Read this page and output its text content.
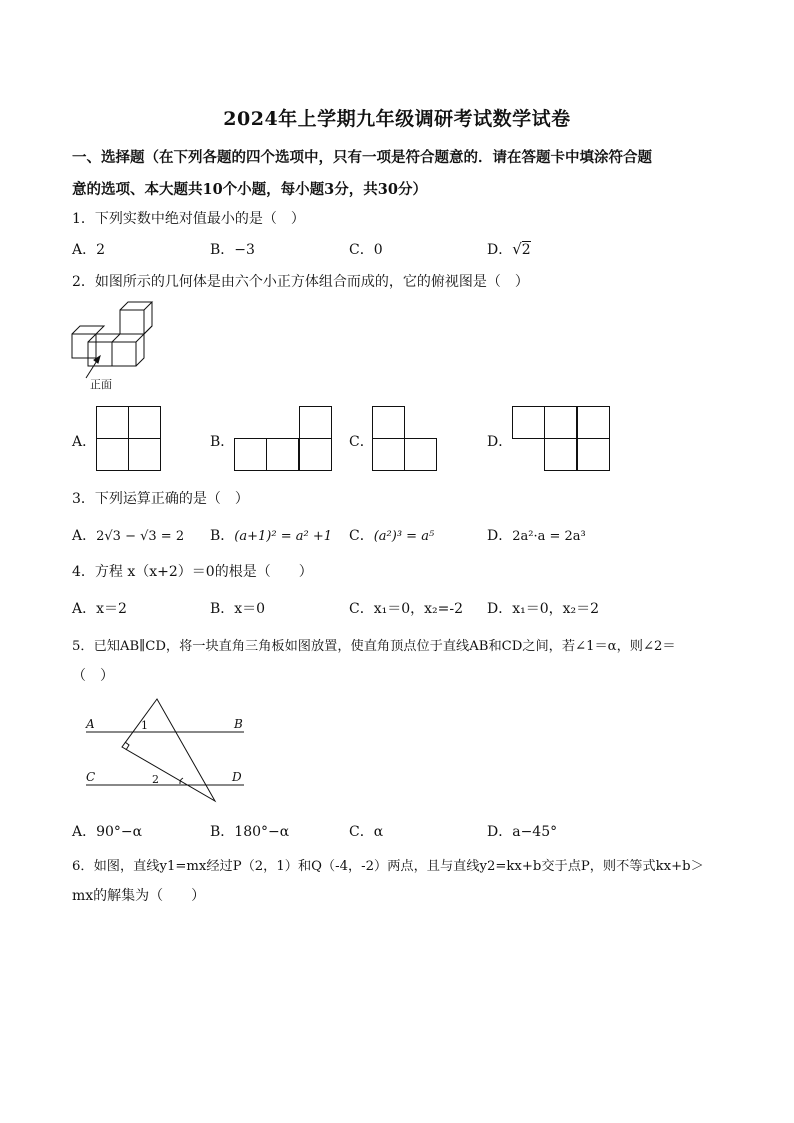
2024年上学期九年级调研考试数学试卷
一、选择题（在下列各题的四个选项中，只有一项是符合题意的．请在答题卡中填涂符合题
意的选项、本大题共10个小题，每小题3分，共30分）
1．下列实数中绝对值最小的是（　）
A．2	B．−3	C．0	D．√2
2．如图所示的几何体是由六个小正方体组合而成的，它的俯视图是（　）
正面
A．	B．	C．	D．
3．下列运算正确的是（　）
A．2√3 − √3 = 2 B．(a+1)² = a² +1 C．(a²)³ = a⁵	D．2a²·a = 2a³
4．方程 x（x+2）＝0的根是（　　）
A．x＝2	B．x＝0	C．x₁＝0，x₂=-2 D．x₁＝0，x₂＝2
5．已知AB∥CD，将一块直角三角板如图放置，使直角顶点位于直线AB和CD之间，若∠1＝α，则∠2＝
（　）
A	B
C	D
1
2
A．90°−α	B．180°−α	C．α	D．a−45°
6．如图，直线y1=mx经过P（2，1）和Q（-4，-2）两点，且与直线y2=kx+b交于点P，则不等式kx+b＞
mx的解集为（　　）
